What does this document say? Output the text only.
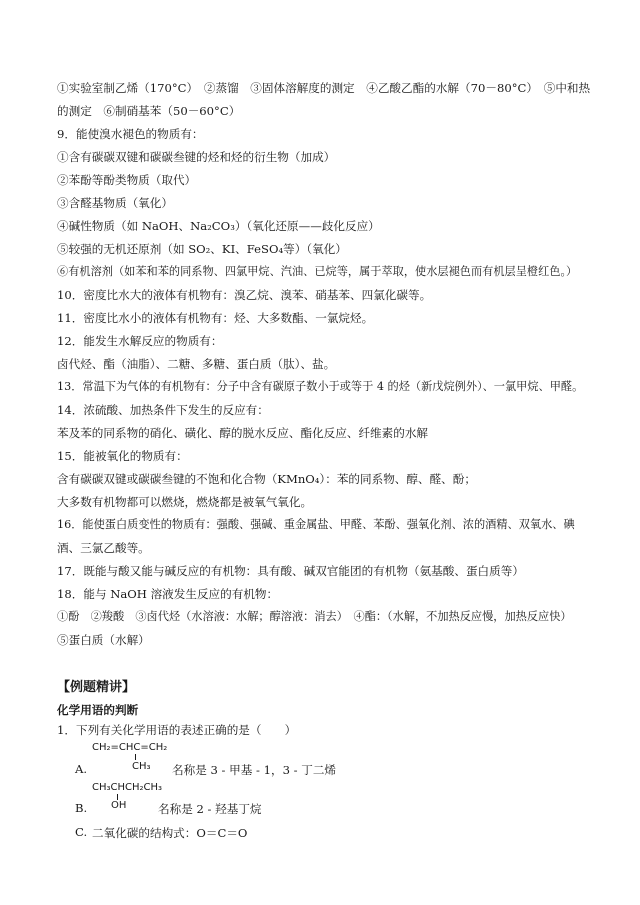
①实验室制乙烯（170°C）　②蒸馏　③固体溶解度的测定　④乙酸乙酯的水解（70－80°C）　⑤中和热
的测定　⑥制硝基苯（50－60°C）
9．能使溴水褪色的物质有：
①含有碳碳双键和碳碳叁键的烃和烃的衍生物（加成）
②苯酚等酚类物质（取代）
③含醛基物质（氧化）
④碱性物质（如 NaOH、Na₂CO₃）（氧化还原——歧化反应）
⑤较强的无机还原剂（如 SO₂、KI、FeSO₄等）（氧化）
⑥有机溶剂（如苯和苯的同系物、四氯甲烷、汽油、已烷等，属于萃取，使水层褪色而有机层呈橙红色。）
10．密度比水大的液体有机物有：溴乙烷、溴苯、硝基苯、四氯化碳等。
11．密度比水小的液体有机物有：烃、大多数酯、一氯烷烃。
12．能发生水解反应的物质有：
卤代烃、酯（油脂）、二糖、多糖、蛋白质（肽）、盐。
13．常温下为气体的有机物有：分子中含有碳原子数小于或等于 4 的烃（新戊烷例外）、一氯甲烷、甲醛。
14．浓硫酸、加热条件下发生的反应有：
苯及苯的同系物的硝化、磺化、醇的脱水反应、酯化反应、纤维素的水解
15．能被氧化的物质有：
含有碳碳双键或碳碳叁键的不饱和化合物（KMnO₄）：苯的同系物、醇、醛、酚；
大多数有机物都可以燃烧，燃烧都是被氧气氧化。
16．能使蛋白质变性的物质有：强酸、强碱、重金属盐、甲醛、苯酚、强氧化剂、浓的酒精、双氧水、碘
酒、三氯乙酸等。
17．既能与酸又能与碱反应的有机物：具有酸、碱双官能团的有机物（氨基酸、蛋白质等）
18．能与 NaOH 溶液发生反应的有机物：
①酚　②羧酸　③卤代烃（水溶液：水解；醇溶液：消去）　④酯：（水解，不加热反应慢，加热反应快）
⑤蛋白质（水解）
【例题精讲】
化学用语的判断
1．下列有关化学用语的表述正确的是（　　）
CH₂=CHC=CH₂
A.	CH₃ 名称是 3 - 甲基 - 1，3 - 丁二烯
CH₃CHCH₂CH₃
B. OH	名称是 2 - 羟基丁烷
C. 二氧化碳的结构式：O＝C＝O
